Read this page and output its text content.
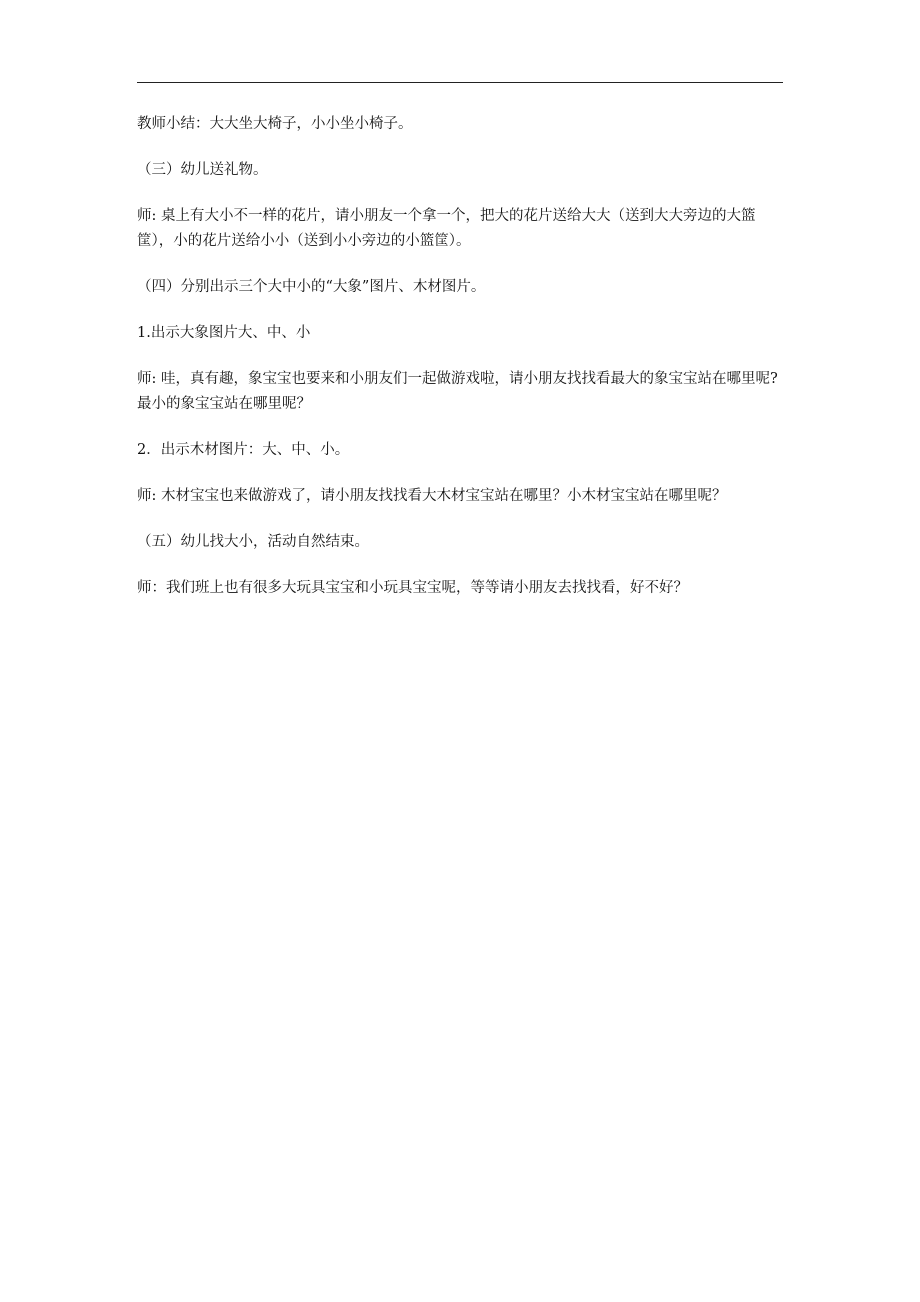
教师小结：大大坐大椅子，小小坐小椅子。

（三）幼儿送礼物。

师: 桌上有大小不一样的花片，请小朋友一个拿一个，把大的花片送给大大（送到大大旁边的大篮筐），小的花片送给小小（送到小小旁边的小篮筐）。

（四）分别出示三个大中小的“大象”图片、木材图片。

1.出示大象图片大、中、小

师: 哇，真有趣，象宝宝也要来和小朋友们一起做游戏啦，请小朋友找找看最大的象宝宝站在哪里呢?最小的象宝宝站在哪里呢？

2．出示木材图片：大、中、小。

师: 木材宝宝也来做游戏了，请小朋友找找看大木材宝宝站在哪里？小木材宝宝站在哪里呢？

（五）幼儿找大小，活动自然结束。

师：我们班上也有很多大玩具宝宝和小玩具宝宝呢，等等请小朋友去找找看，好不好？
